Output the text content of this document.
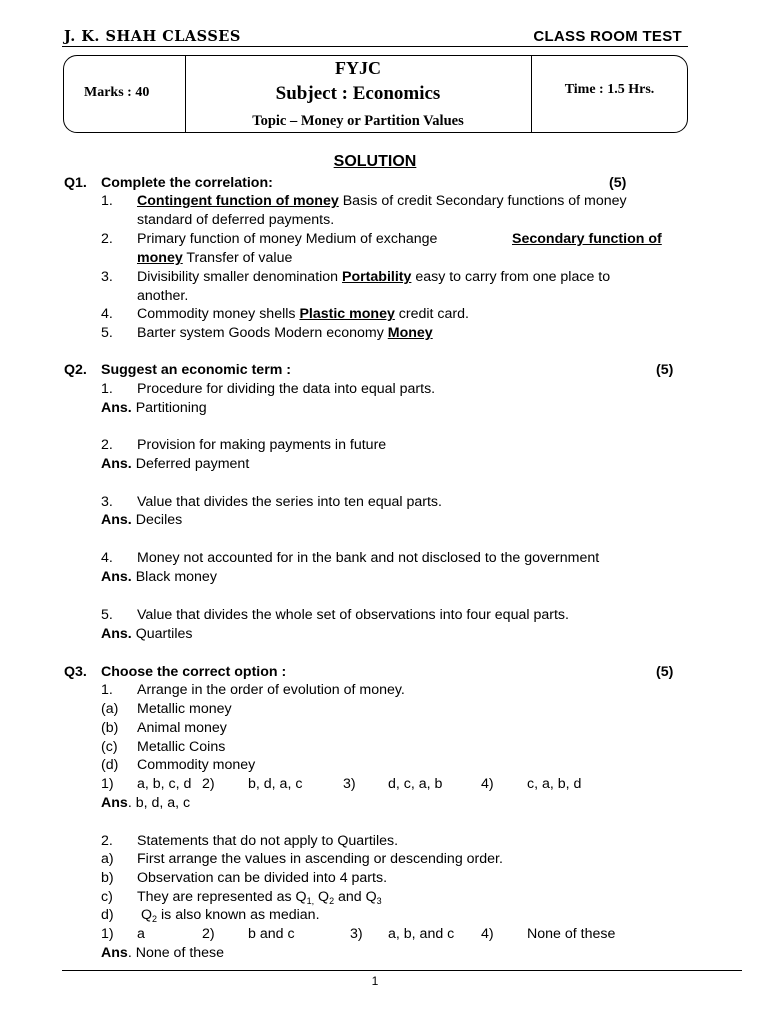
J. K. SHAH CLASSES	CLASS ROOM TEST
Marks : 40
FYJC
Subject : Economics
Topic – Money or Partition Values
Time : 1.5 Hrs.
SOLUTION
Q1. Complete the correlation:	(5)
1. Contingent function of money Basis of credit Secondary functions of money
standard of deferred payments.
2. Primary function of money Medium of exchange	Secondary function of
money Transfer of value
3. Divisibility smaller denomination Portability easy to carry from one place to
another.
4. Commodity money shells Plastic money credit card.
5. Barter system Goods Modern economy Money
Q2. Suggest an economic term :	(5)
1. Procedure for dividing the data into equal parts.
Ans. Partitioning
2. Provision for making payments in future
Ans. Deferred payment
3. Value that divides the series into ten equal parts.
Ans. Deciles
4. Money not accounted for in the bank and not disclosed to the government
Ans. Black money
5. Value that divides the whole set of observations into four equal parts.
Ans. Quartiles
Q3. Choose the correct option :	(5)
1. Arrange in the order of evolution of money.
(a) Metallic money
(b) Animal money
(c) Metallic Coins
(d) Commodity money
1) a, b, c, d 2) b, d, a, c	3) d, c, a, b	4) c, a, b, d
Ans. b, d, a, c
2. Statements that do not apply to Quartiles.
a) First arrange the values in ascending or descending order.
b) Observation can be divided into 4 parts.
c) They are represented as $Q_{1,}$ $Q_2$ and $Q_3$
d) $Q_2$ is also known as median.
1) a	2) b and c	3) a, b, and c 4) None of these
Ans. None of these
1
